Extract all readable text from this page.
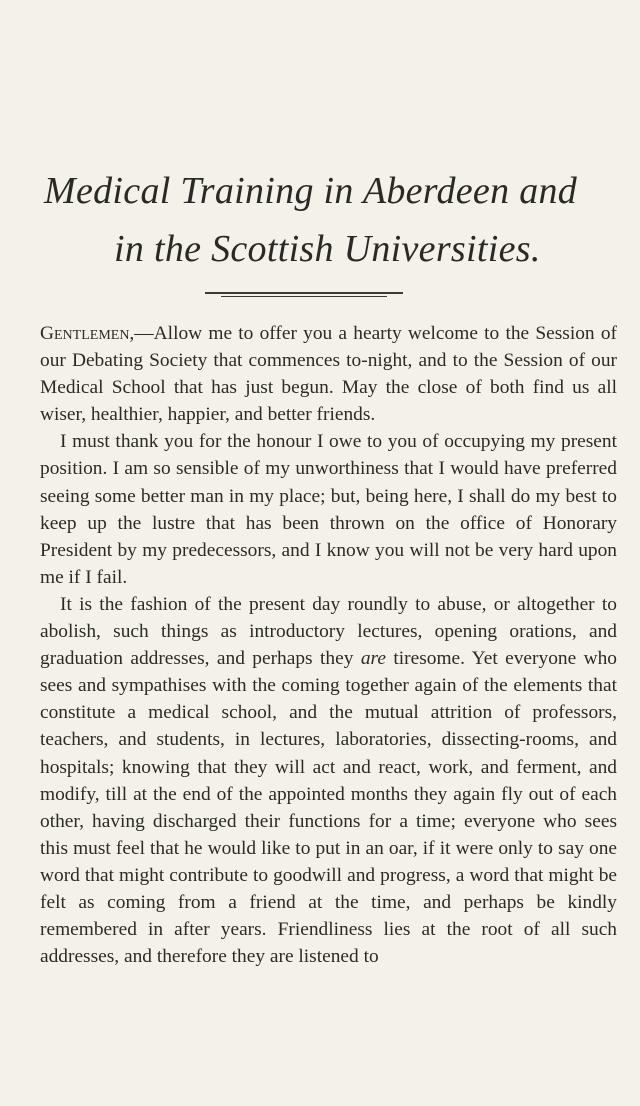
Medical Training in Aberdeen and
in the Scottish Universities.

Gentlemen,—Allow me to offer you a hearty welcome to the Session of our Debating Society that commences to-night, and to the Session of our Medical School that has just begun. May the close of both find us all wiser, healthier, happier, and better friends.

I must thank you for the honour I owe to you of occupying my present position. I am so sensible of my unworthiness that I would have preferred seeing some better man in my place; but, being here, I shall do my best to keep up the lustre that has been thrown on the office of Honorary President by my predecessors, and I know you will not be very hard upon me if I fail.

It is the fashion of the present day roundly to abuse, or altogether to abolish, such things as introductory lectures, opening orations, and graduation addresses, and perhaps they are tiresome. Yet everyone who sees and sympathises with the coming together again of the elements that constitute a medical school, and the mutual attrition of professors, teachers, and students, in lectures, laboratories, dissecting-rooms, and hospitals; knowing that they will act and react, work, and ferment, and modify, till at the end of the appointed months they again fly out of each other, having discharged their functions for a time; everyone who sees this must feel that he would like to put in an oar, if it were only to say one word that might contribute to goodwill and progress, a word that might be felt as coming from a friend at the time, and perhaps be kindly remembered in after years. Friendliness lies at the root of all such addresses, and therefore they are listened to
